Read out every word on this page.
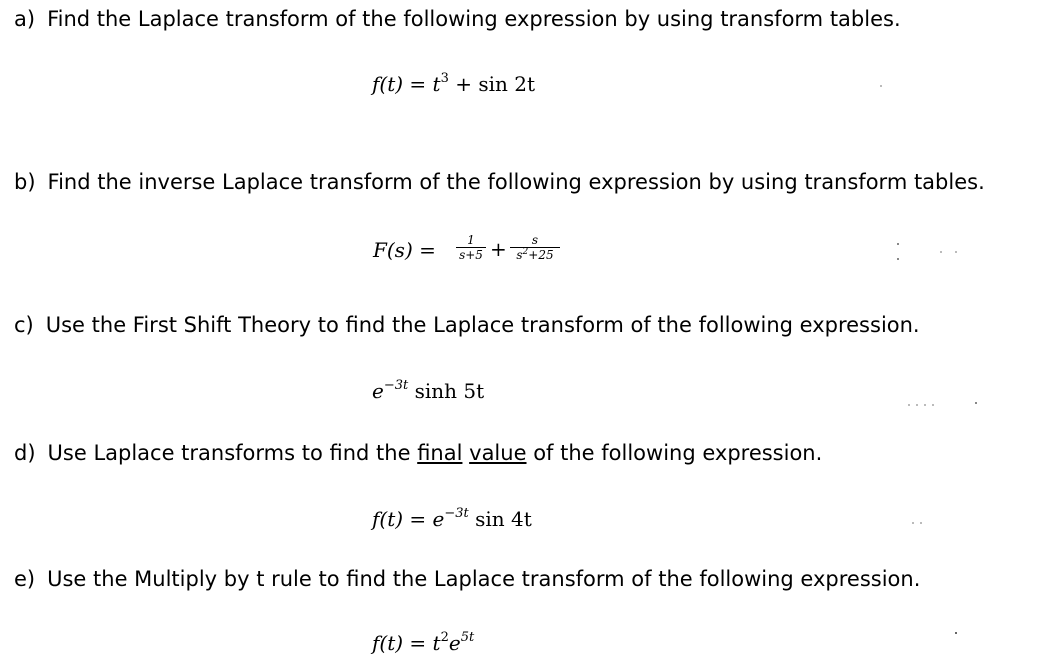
a) Find the Laplace transform of the following expression by using transform tables.
$f(t) = t^3 + \sin 2t$
b) Find the inverse Laplace transform of the following expression by using transform tables.
F(s) =	1
s+5 +	s
$s^2+25$
c) Use the First Shift Theory to find the Laplace transform of the following expression.
$e^{-3t}$ sinh 5t
d) Use Laplace transforms to find the final value of the following expression.
$f(t) = e^{-3t}$ sin 4t
e) Use the Multiply by t rule to find the Laplace transform of the following expression.
$f(t) = t^2e^{5t}$
